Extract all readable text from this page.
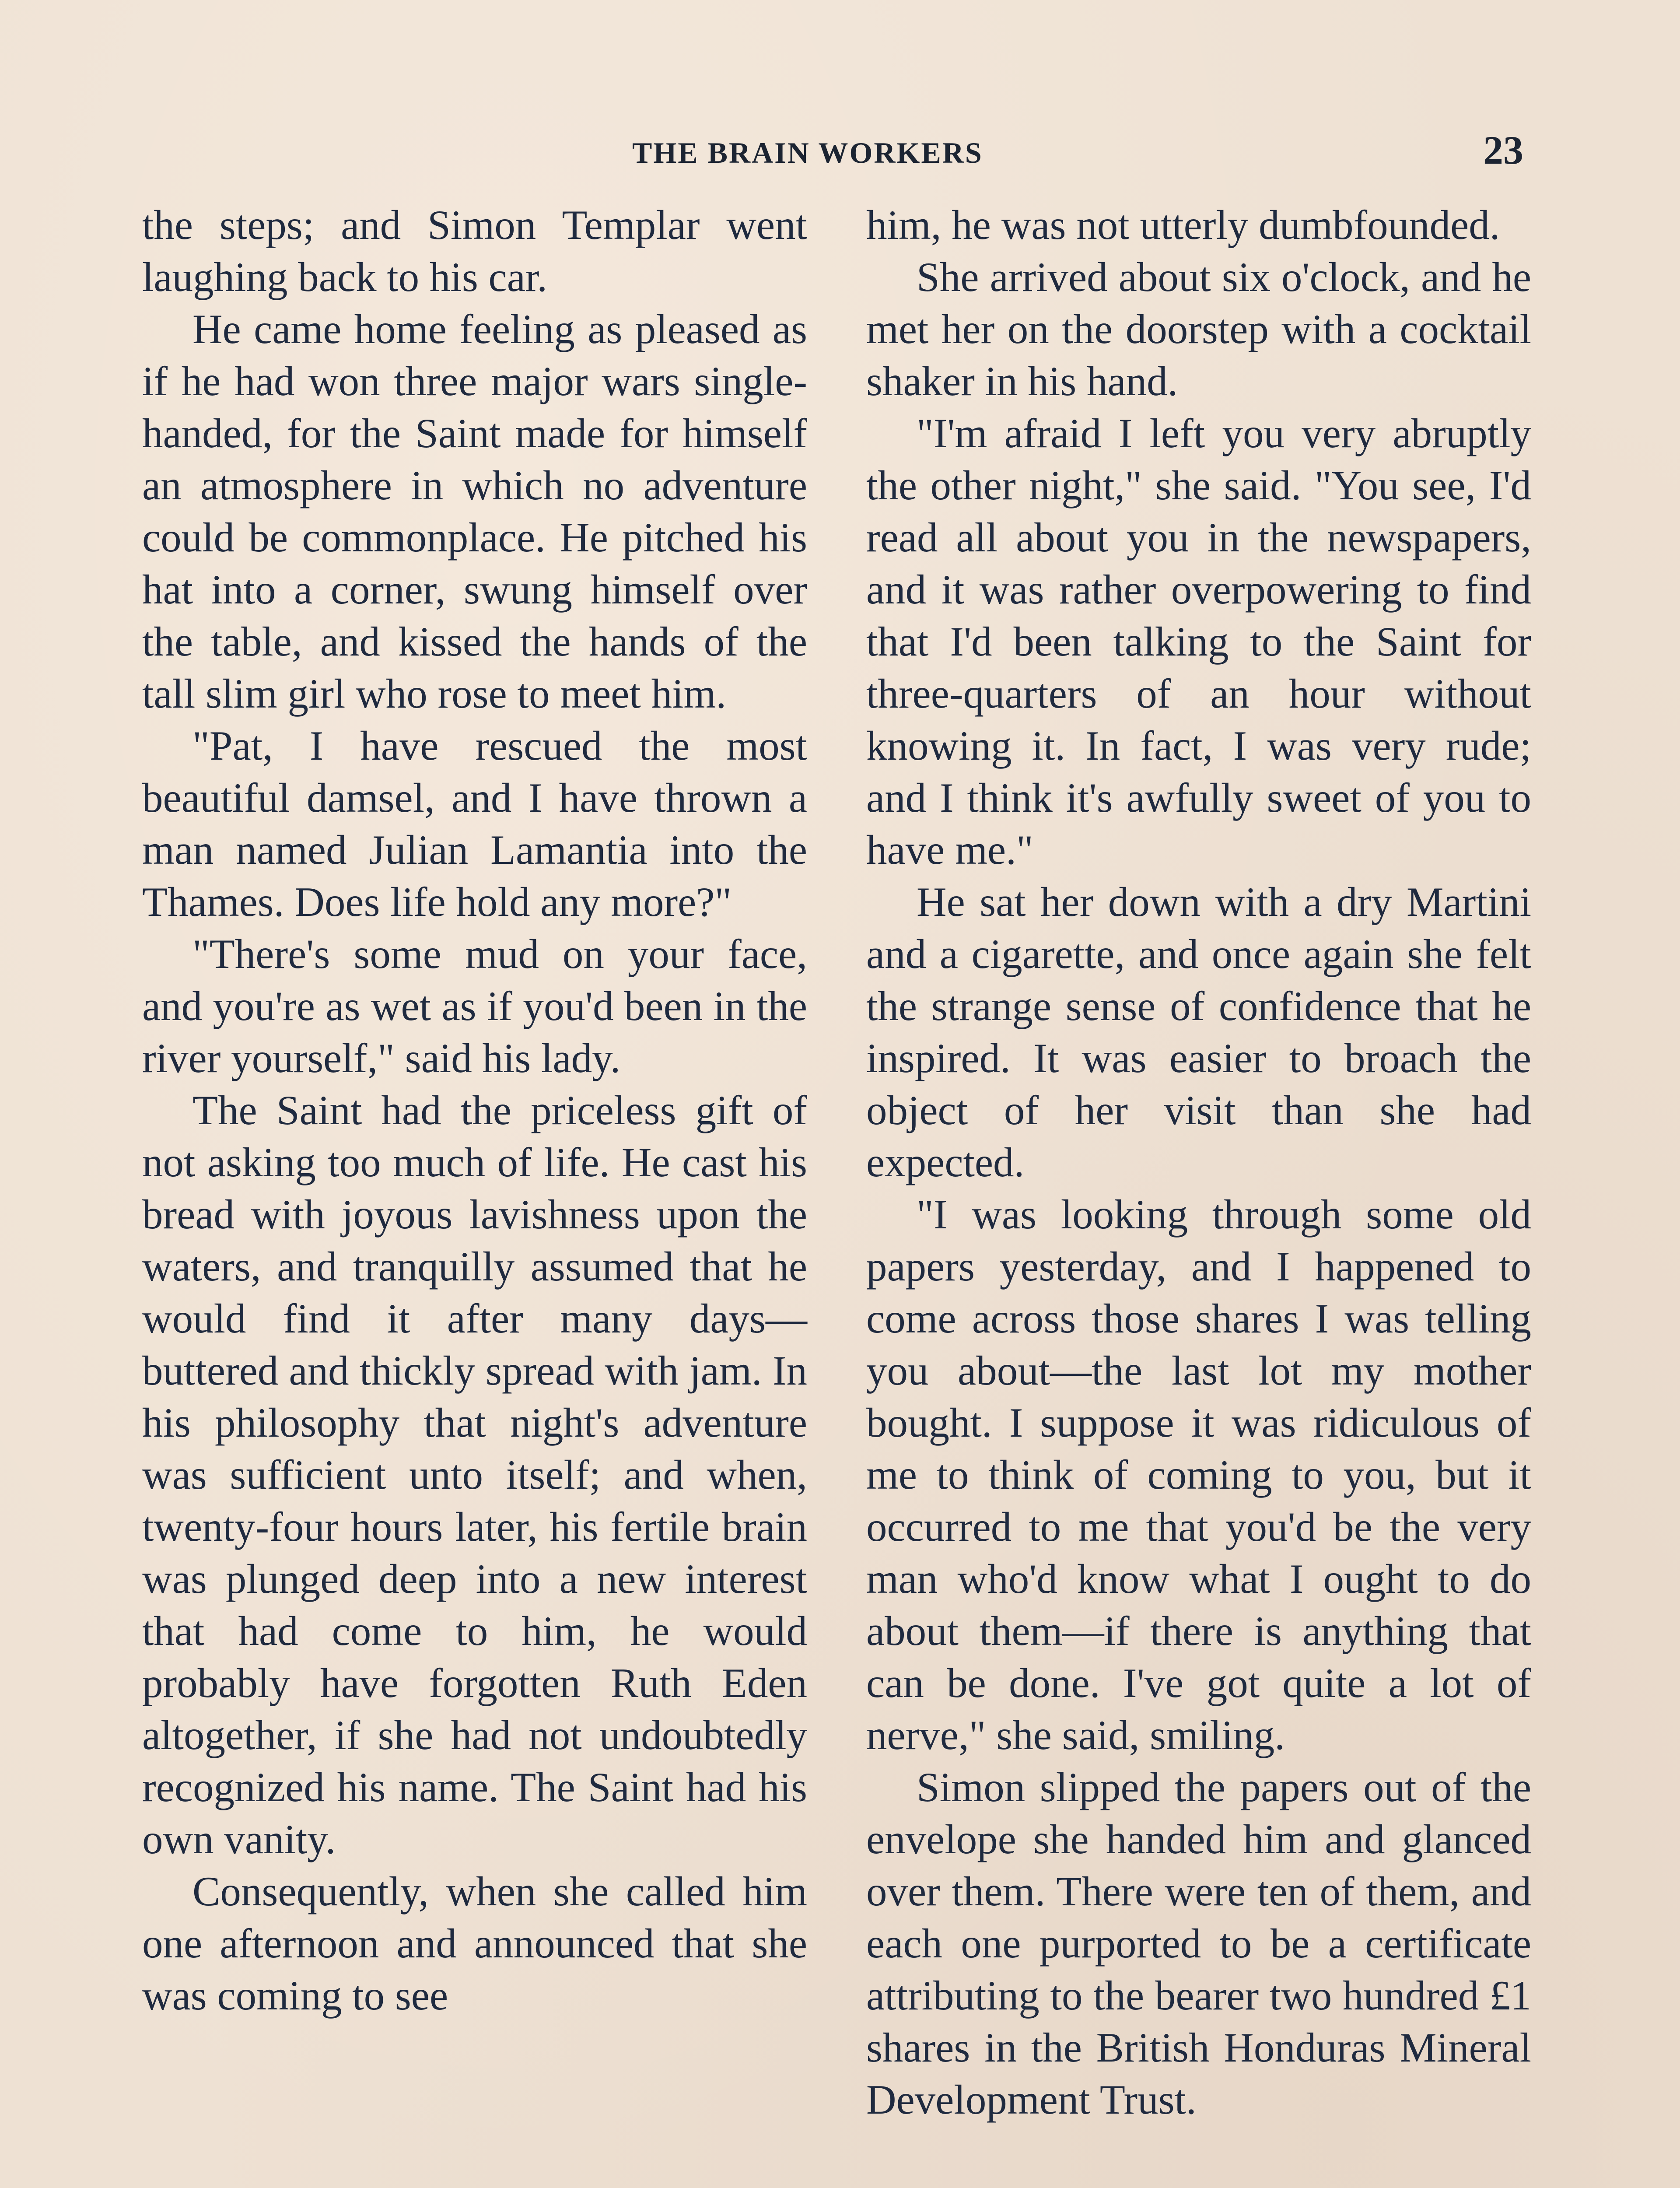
THE BRAIN WORKERS	23

the steps; and Simon Templar went laughing back to his car.

He came home feeling as pleased as if he had won three major wars single-handed, for the Saint made for himself an atmosphere in which no adventure could be commonplace. He pitched his hat into a corner, swung himself over the table, and kissed the hands of the tall slim girl who rose to meet him.

"Pat, I have rescued the most beautiful damsel, and I have thrown a man named Julian Lamantia into the Thames. Does life hold any more?"

"There's some mud on your face, and you're as wet as if you'd been in the river yourself," said his lady.

The Saint had the priceless gift of not asking too much of life. He cast his bread with joyous lavishness upon the waters, and tranquilly assumed that he would find it after many days—buttered and thickly spread with jam. In his philosophy that night's adventure was sufficient unto itself; and when, twenty-four hours later, his fertile brain was plunged deep into a new interest that had come to him, he would probably have forgotten Ruth Eden altogether, if she had not undoubtedly recognized his name. The Saint had his own vanity.

Consequently, when she called him one afternoon and announced that she was coming to see

him, he was not utterly dumbfounded.

She arrived about six o'clock, and he met her on the doorstep with a cocktail shaker in his hand.

"I'm afraid I left you very abruptly the other night," she said. "You see, I'd read all about you in the newspapers, and it was rather overpowering to find that I'd been talking to the Saint for three-quarters of an hour without knowing it. In fact, I was very rude; and I think it's awfully sweet of you to have me."

He sat her down with a dry Martini and a cigarette, and once again she felt the strange sense of confidence that he inspired. It was easier to broach the object of her visit than she had expected.

"I was looking through some old papers yesterday, and I happened to come across those shares I was telling you about—the last lot my mother bought. I suppose it was ridiculous of me to think of coming to you, but it occurred to me that you'd be the very man who'd know what I ought to do about them—if there is anything that can be done. I've got quite a lot of nerve," she said, smiling.

Simon slipped the papers out of the envelope she handed him and glanced over them. There were ten of them, and each one purported to be a certificate attributing to the bearer two hundred £1 shares in the British Honduras Mineral Development Trust.
